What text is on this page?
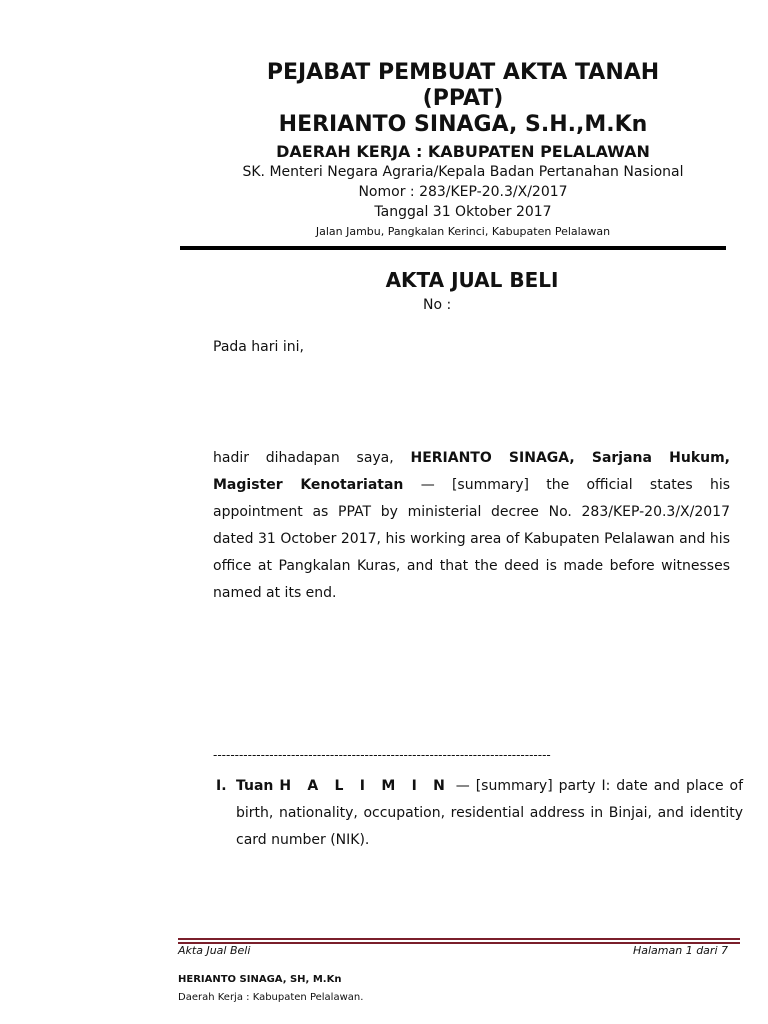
PEJABAT PEMBUAT AKTA TANAH
(PPAT)
HERIANTO SINAGA, S.H.,M.Kn
DAERAH KERJA : KABUPATEN PELALAWAN
SK. Menteri Negara Agraria/Kepala Badan Pertanahan Nasional
Nomor : 283/KEP-20.3/X/2017
Tanggal 31 Oktober 2017
Jalan Jambu, Pangkalan Kerinci, Kabupaten Pelalawan
AKTA JUAL BELI
No :
Pada hari ini,
hadir dihadapan saya, HERIANTO SINAGA, Sarjana Hukum, Magister Kenotariatan — [summary] the official states his appointment as PPAT by ministerial decree No. 283/KEP-20.3/X/2017 dated 31 October 2017, his working area of Kabupaten Pelalawan and his office at Pangkalan Kuras, and that the deed is made before witnesses named at its end.
------------------------------------------------------------------------------
I. Tuan H A L I M I N — [summary] party I: date and place of birth, nationality, occupation, residential address in Binjai, and identity card number (NIK).
Akta Jual Beli	Halaman 1 dari 7
HERIANTO SINAGA, SH, M.Kn
Daerah Kerja : Kabupaten Pelalawan.
